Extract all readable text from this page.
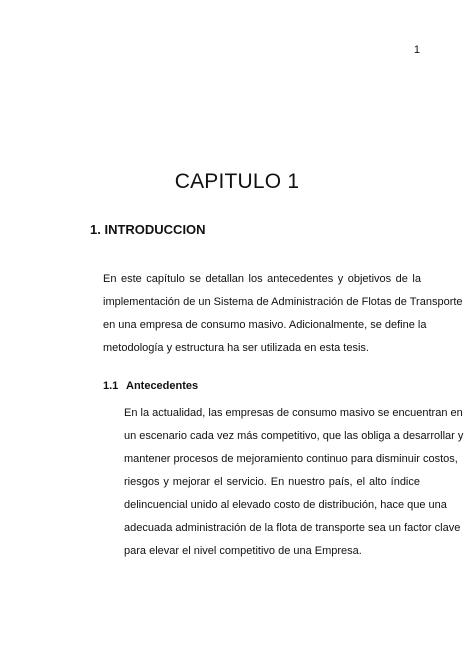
1
CAPITULO 1
1. INTRODUCCION
En este capítulo se detallan los antecedentes y objetivos de la
implementación de un Sistema de Administración de Flotas de Transporte
en una empresa de consumo masivo. Adicionalmente, se define la
metodología y estructura ha ser utilizada en esta tesis.
1.1 Antecedentes
En la actualidad, las empresas de consumo masivo se encuentran en
un escenario cada vez más competitivo, que las obliga a desarrollar y
mantener procesos de mejoramiento continuo para disminuir costos,
riesgos y mejorar el servicio. En nuestro país, el alto índice
delincuencial unido al elevado costo de distribución, hace que una
adecuada administración de la flota de transporte sea un factor clave
para elevar el nivel competitivo de una Empresa.
